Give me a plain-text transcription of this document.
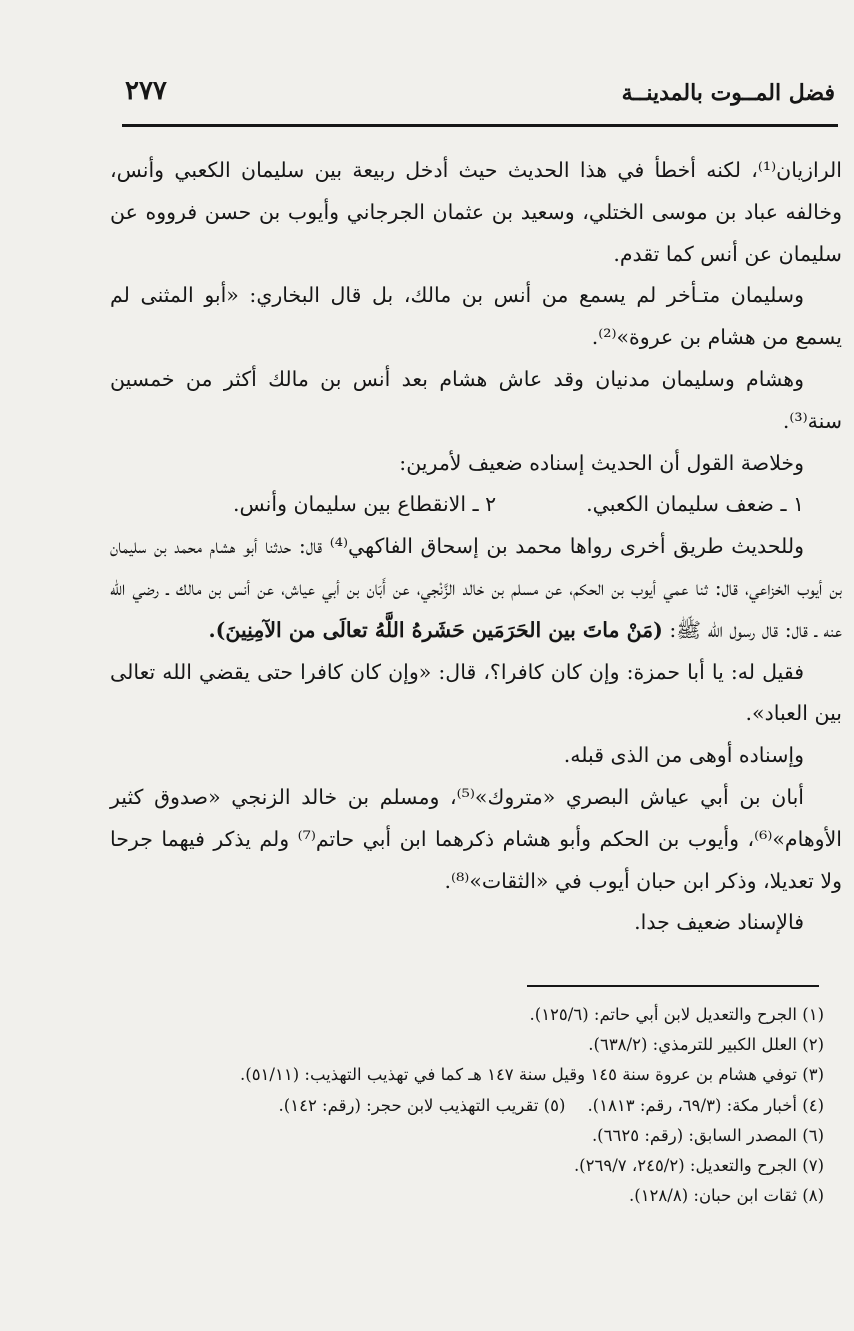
فضل المــوت بالمدينــة
٢٧٧

الرازيان⁽¹⁾، لكنه أخطأ في هذا الحديث حيث أدخل ربيعة بين سليمان الكعبي وأنس، وخالفه عباد بن موسى الختلي، وسعيد بن عثمان الجرجاني وأيوب بن حسن فرووه عن سليمان عن أنس كما تقدم.

وسليمان متـأخر لم يسمع من أنس بن مالك، بل قال البخاري: «أبو المثنى لم يسمع من هشام بن عروة»⁽²⁾.

وهشام وسليمان مدنيان وقد عاش هشام بعد أنس بن مالك أكثر من خمسين سنة⁽³⁾.

وخلاصة القول أن الحديث إسناده ضعيف لأمرين:

١ ـ ضعف سليمان الكعبي.
٢ ـ الانقطاع بين سليمان وأنس.

وللحديث طريق أخرى رواها محمد بن إسحاق الفاكهي⁽⁴⁾ قال: حدثنا أبو هشام محمد بن سليمان بن أيوب الخزاعي، قال: ثنا عمي أيوب بن الحكم، عن مسلم بن خالد الزَّنْجي، عن أَبَان بن أبي عياش، عن أنس بن مالك ـ رضي الله عنه ـ قال: قال رسول الله ﷺ: (مَنْ ماتَ بين الحَرَمَين حَشَرهُ اللَّهُ تعالَى من الآمِنِينَ).

فقيل له: يا أبا حمزة: وإن كان كافرا؟، قال: «وإن كان كافرا حتى يقضي الله تعالى بين العباد».

وإسناده أوهى من الذى قبله.

أبان بن أبي عياش البصري «متروك»⁽⁵⁾، ومسلم بن خالد الزنجي «صدوق كثير الأوهام»⁽⁶⁾، وأيوب بن الحكم وأبو هشام ذكرهما ابن أبي حاتم⁽⁷⁾ ولم يذكر فيهما جرحا ولا تعديلا، وذكر ابن حبان أيوب في «الثقات»⁽⁸⁾.

فالإسناد ضعيف جدا.

(١) الجرح والتعديل لابن أبي حاتم: (١٢٥/٦).

(٢) العلل الكبير للترمذي: (٦٣٨/٢).

(٣) توفي هشام بن عروة سنة ١٤٥ وقيل سنة ١٤٧ هـ كما في تهذيب التهذيب: (٥١/١١).

(٤) أخبار مكة: (٦٩/٣، رقم: ١٨١٣).
(٥) تقريب التهذيب لابن حجر: (رقم: ١٤٢).

(٦) المصدر السابق: (رقم: ٦٦٢٥).

(٧) الجرح والتعديل: (٢٤٥/٢، ٢٦٩/٧).

(٨) ثقات ابن حبان: (١٢٨/٨).
